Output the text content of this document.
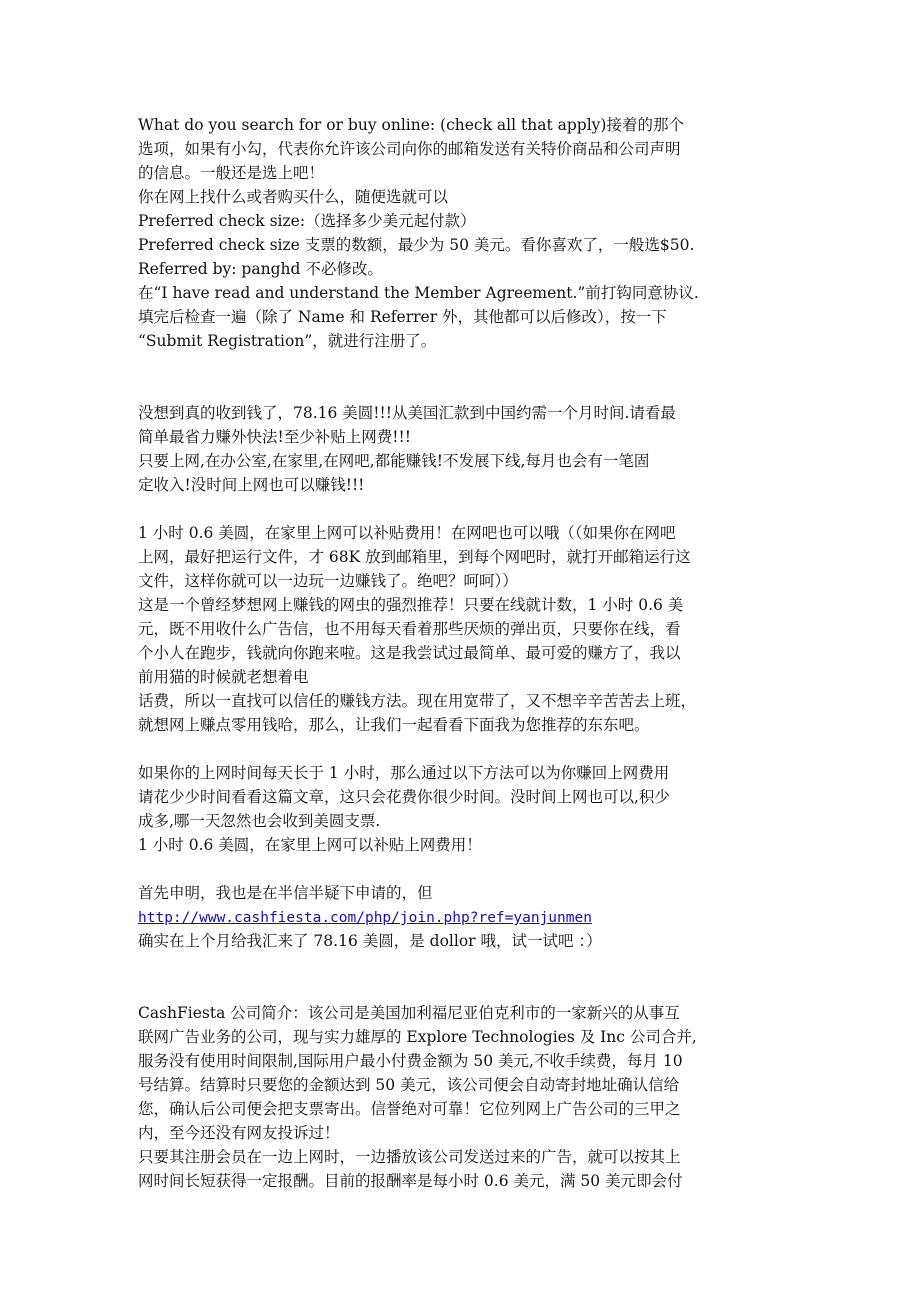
What do you search for or buy online: (check all that apply)接着的那个
选项，如果有小勾，代表你允许该公司向你的邮箱发送有关特价商品和公司声明
的信息。一般还是选上吧！
你在网上找什么或者购买什么，随便选就可以
Preferred check size:（选择多少美元起付款）
Preferred check size 支票的数额，最少为 50 美元。看你喜欢了，一般选$50.
Referred by: panghd 不必修改。
在“I have read and understand the Member Agreement.”前打钩同意协议.
填完后检查一遍（除了 Name 和 Referrer 外，其他都可以后修改），按一下
“Submit Registration”，就进行注册了。
没想到真的收到钱了，78.16 美圆!!!从美国汇款到中国约需一个月时间.请看最
简单最省力赚外快法!至少补贴上网费!!!
只要上网,在办公室,在家里,在网吧,都能赚钱!不发展下线,每月也会有一笔固
定收入!没时间上网也可以赚钱!!!
1 小时 0.6 美圆，在家里上网可以补贴费用！在网吧也可以哦（（如果你在网吧
上网，最好把运行文件，才 68K 放到邮箱里，到每个网吧时，就打开邮箱运行这
文件，这样你就可以一边玩一边赚钱了。绝吧？呵呵））
这是一个曾经梦想网上赚钱的网虫的强烈推荐！只要在线就计数，1 小时 0.6 美
元，既不用收什么广告信，也不用每天看着那些厌烦的弹出页，只要你在线，看
个小人在跑步，钱就向你跑来啦。这是我尝试过最简单、最可爱的赚方了，我以
前用猫的时候就老想着电
话费，所以一直找可以信任的赚钱方法。现在用宽带了，又不想辛辛苦苦去上班，
就想网上赚点零用钱哈，那么，让我们一起看看下面我为您推荐的东东吧。
如果你的上网时间每天长于 1 小时，那么通过以下方法可以为你赚回上网费用
请花少少时间看看这篇文章，这只会花费你很少时间。没时间上网也可以,积少
成多,哪一天忽然也会收到美圆支票.
1 小时 0.6 美圆，在家里上网可以补贴上网费用！
首先申明，我也是在半信半疑下申请的，但
http://www.cashfiesta.com/php/join.php?ref=yanjunmen
确实在上个月给我汇来了 78.16 美圆，是 dollor 哦，试一试吧 ：）
CashFiesta 公司简介：该公司是美国加利福尼亚伯克利市的一家新兴的从事互
联网广告业务的公司，现与实力雄厚的 Explore Technologies 及 Inc 公司合并,
服务没有使用时间限制,国际用户最小付费金额为 50 美元,不收手续费，每月 10
号结算。结算时只要您的金额达到 50 美元，该公司便会自动寄封地址确认信给
您，确认后公司便会把支票寄出。信誉绝对可靠！它位列网上广告公司的三甲之
内，至今还没有网友投诉过！
只要其注册会员在一边上网时，一边播放该公司发送过来的广告，就可以按其上
网时间长短获得一定报酬。目前的报酬率是每小时 0.6 美元，满 50 美元即会付
